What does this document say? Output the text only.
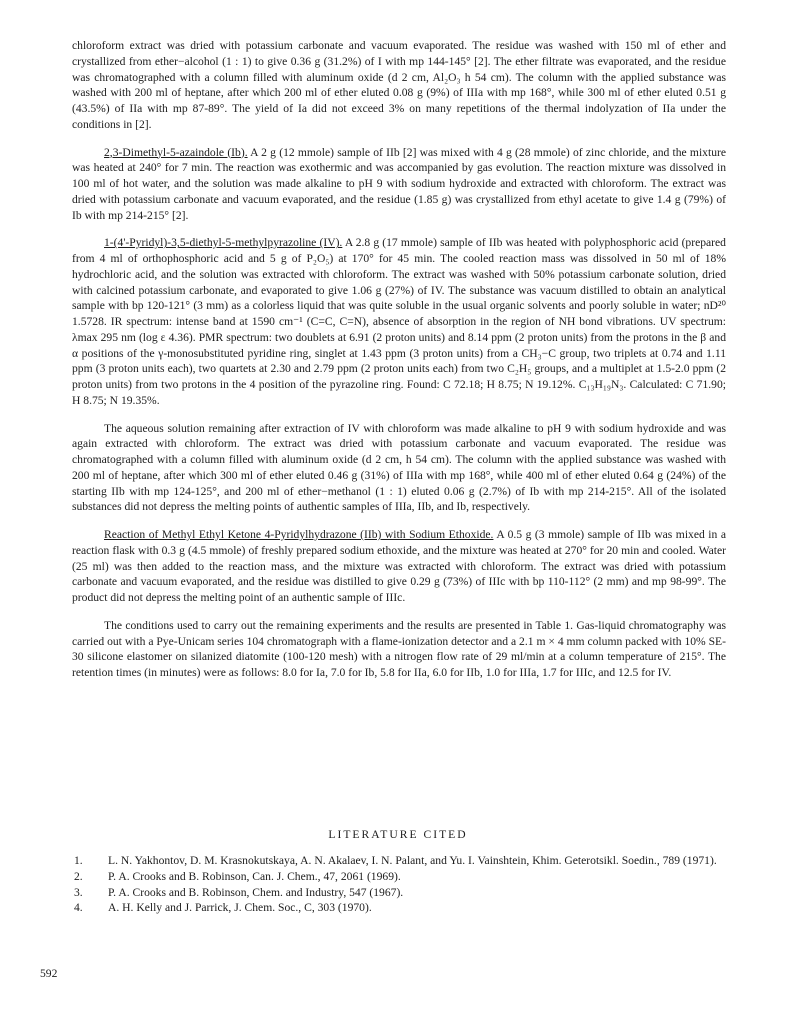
chloroform extract was dried with potassium carbonate and vacuum evaporated. The residue was washed with 150 ml of ether and crystallized from ether−alcohol (1 : 1) to give 0.36 g (31.2%) of I with mp 144-145° [2]. The ether filtrate was evaporated, and the residue was chromatographed with a column filled with aluminum oxide (d 2 cm, Al₂O₃ h 54 cm). The column with the applied substance was washed with 200 ml of heptane, after which 200 ml of ether eluted 0.08 g (9%) of IIIa with mp 168°, while 300 ml of ether eluted 0.51 g (43.5%) of IIa with mp 87-89°. The yield of Ia did not exceed 3% on many repetitions of the thermal indolyzation of IIa under the conditions in [2].

2,3-Dimethyl-5-azaindole (Ib). A 2 g (12 mmole) sample of IIb [2] was mixed with 4 g (28 mmole) of zinc chloride, and the mixture was heated at 240° for 7 min. The reaction was exothermic and was accompanied by gas evolution. The reaction mixture was dissolved in 100 ml of hot water, and the solution was made alkaline to pH 9 with sodium hydroxide and extracted with chloroform. The extract was dried with potassium carbonate and vacuum evaporated, and the residue (1.85 g) was crystallized from ethyl acetate to give 1.4 g (79%) of Ib with mp 214-215° [2].

1-(4'-Pyridyl)-3,5-diethyl-5-methylpyrazoline (IV). A 2.8 g (17 mmole) sample of IIb was heated with polyphosphoric acid (prepared from 4 ml of orthophosphoric acid and 5 g of P₂O₅) at 170° for 45 min. The cooled reaction mass was dissolved in 50 ml of 18% hydrochloric acid, and the solution was extracted with chloroform. The extract was washed with 50% potassium carbonate solution, dried with calcined potassium carbonate, and evaporated to give 1.06 g (27%) of IV. The substance was vacuum distilled to obtain an analytical sample with bp 120-121° (3 mm) as a colorless liquid that was quite soluble in the usual organic solvents and poorly soluble in water; nD²⁰ 1.5728. IR spectrum: intense band at 1590 cm⁻¹ (C=C, C=N), absence of absorption in the region of NH bond vibrations. UV spectrum: λmax 295 nm (log ε 4.36). PMR spectrum: two doublets at 6.91 (2 proton units) and 8.14 ppm (2 proton units) from the protons in the β and α positions of the γ-monosubstituted pyridine ring, singlet at 1.43 ppm (3 proton units) from a CH₃−C group, two triplets at 0.74 and 1.11 ppm (3 proton units each), two quartets at 2.30 and 2.79 ppm (2 proton units each) from two C₂H₅ groups, and a multiplet at 1.5-2.0 ppm (2 proton units) from two protons in the 4 position of the pyrazoline ring. Found: C 72.18; H 8.75; N 19.12%. C₁₃H₁₉N₃. Calculated: C 71.90; H 8.75; N 19.35%.

The aqueous solution remaining after extraction of IV with chloroform was made alkaline to pH 9 with sodium hydroxide and was again extracted with chloroform. The extract was dried with potassium carbonate and vacuum evaporated. The residue was chromatographed with a column filled with aluminum oxide (d 2 cm, h 54 cm). The column with the applied substance was washed with 200 ml of heptane, after which 300 ml of ether eluted 0.46 g (31%) of IIIa with mp 168°, while 400 ml of ether eluted 0.64 g (24%) of the starting IIb with mp 124-125°, and 200 ml of ether−methanol (1 : 1) eluted 0.06 g (2.7%) of Ib with mp 214-215°. All of the isolated substances did not depress the melting points of authentic samples of IIIa, IIb, and Ib, respectively.

Reaction of Methyl Ethyl Ketone 4-Pyridylhydrazone (IIb) with Sodium Ethoxide. A 0.5 g (3 mmole) sample of IIb was mixed in a reaction flask with 0.3 g (4.5 mmole) of freshly prepared sodium ethoxide, and the mixture was heated at 270° for 20 min and cooled. Water (25 ml) was then added to the reaction mass, and the mixture was extracted with chloroform. The extract was dried with potassium carbonate and vacuum evaporated, and the residue was distilled to give 0.29 g (73%) of IIIc with bp 110-112° (2 mm) and mp 98-99°. The product did not depress the melting point of an authentic sample of IIIc.

The conditions used to carry out the remaining experiments and the results are presented in Table 1. Gas-liquid chromatography was carried out with a Pye-Unicam series 104 chromatograph with a flame-ionization detector and a 2.1 m × 4 mm column packed with 10% SE-30 silicone elastomer on silanized diatomite (100-120 mesh) with a nitrogen flow rate of 29 ml/min at a column temperature of 215°. The retention times (in minutes) were as follows: 8.0 for Ia, 7.0 for Ib, 5.8 for IIa, 6.0 for IIb, 1.0 for IIIa, 1.7 for IIIc, and 12.5 for IV.

LITERATURE CITED
1.	L. N. Yakhontov, D. M. Krasnokutskaya, A. N. Akalaev, I. N. Palant, and Yu. I. Vainshtein, Khim. Geterotsikl. Soedin., 789 (1971).
2.	P. A. Crooks and B. Robinson, Can. J. Chem., 47, 2061 (1969).
3.	P. A. Crooks and B. Robinson, Chem. and Industry, 547 (1967).
4.	A. H. Kelly and J. Parrick, J. Chem. Soc., C, 303 (1970).
592
